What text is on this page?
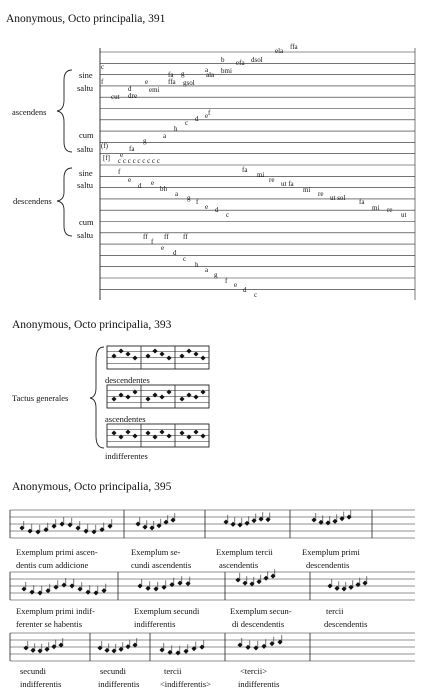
Anonymous, Octo principalia, 391
Anonymous, Octo principalia, 393
Anonymous, Octo principalia, 395
sine
saltu
ascendens
cum
saltu
sine
saltu
descendens
cum
saltu
c
f
cut
d
dre
e
emi
ffa
fa g
gsol
a
ala
b
bmi
efa dsol
ela ffa
(f)
[f] e
fa
g
a
h
c d e f
c c c c c c c c c
f
e
d e
bh
a g f
e d
c
fa
mi
re ut fa
mi re ut sol fa
mi re
ut
ff ff ff
f
e
d
c
h
a
g
f e
d
c
Tactus generales
descendentes
ascendentes
indifferentes
Exemplum primi ascen-
dentis cum addicione
Exemplum se-
cundi ascendentis
Exemplum tercii
ascendentis
Exemplum primi
descendentis
Exemplum primi indif-
ferenter se habentis
Exemplum secundi
indifferentis
Exemplum secun-
di descendentis
tercii
descendentis
secundi
indifferentis
secundi
indifferentis
tercii
<indifferentis>
<tercii>
indifferentis
